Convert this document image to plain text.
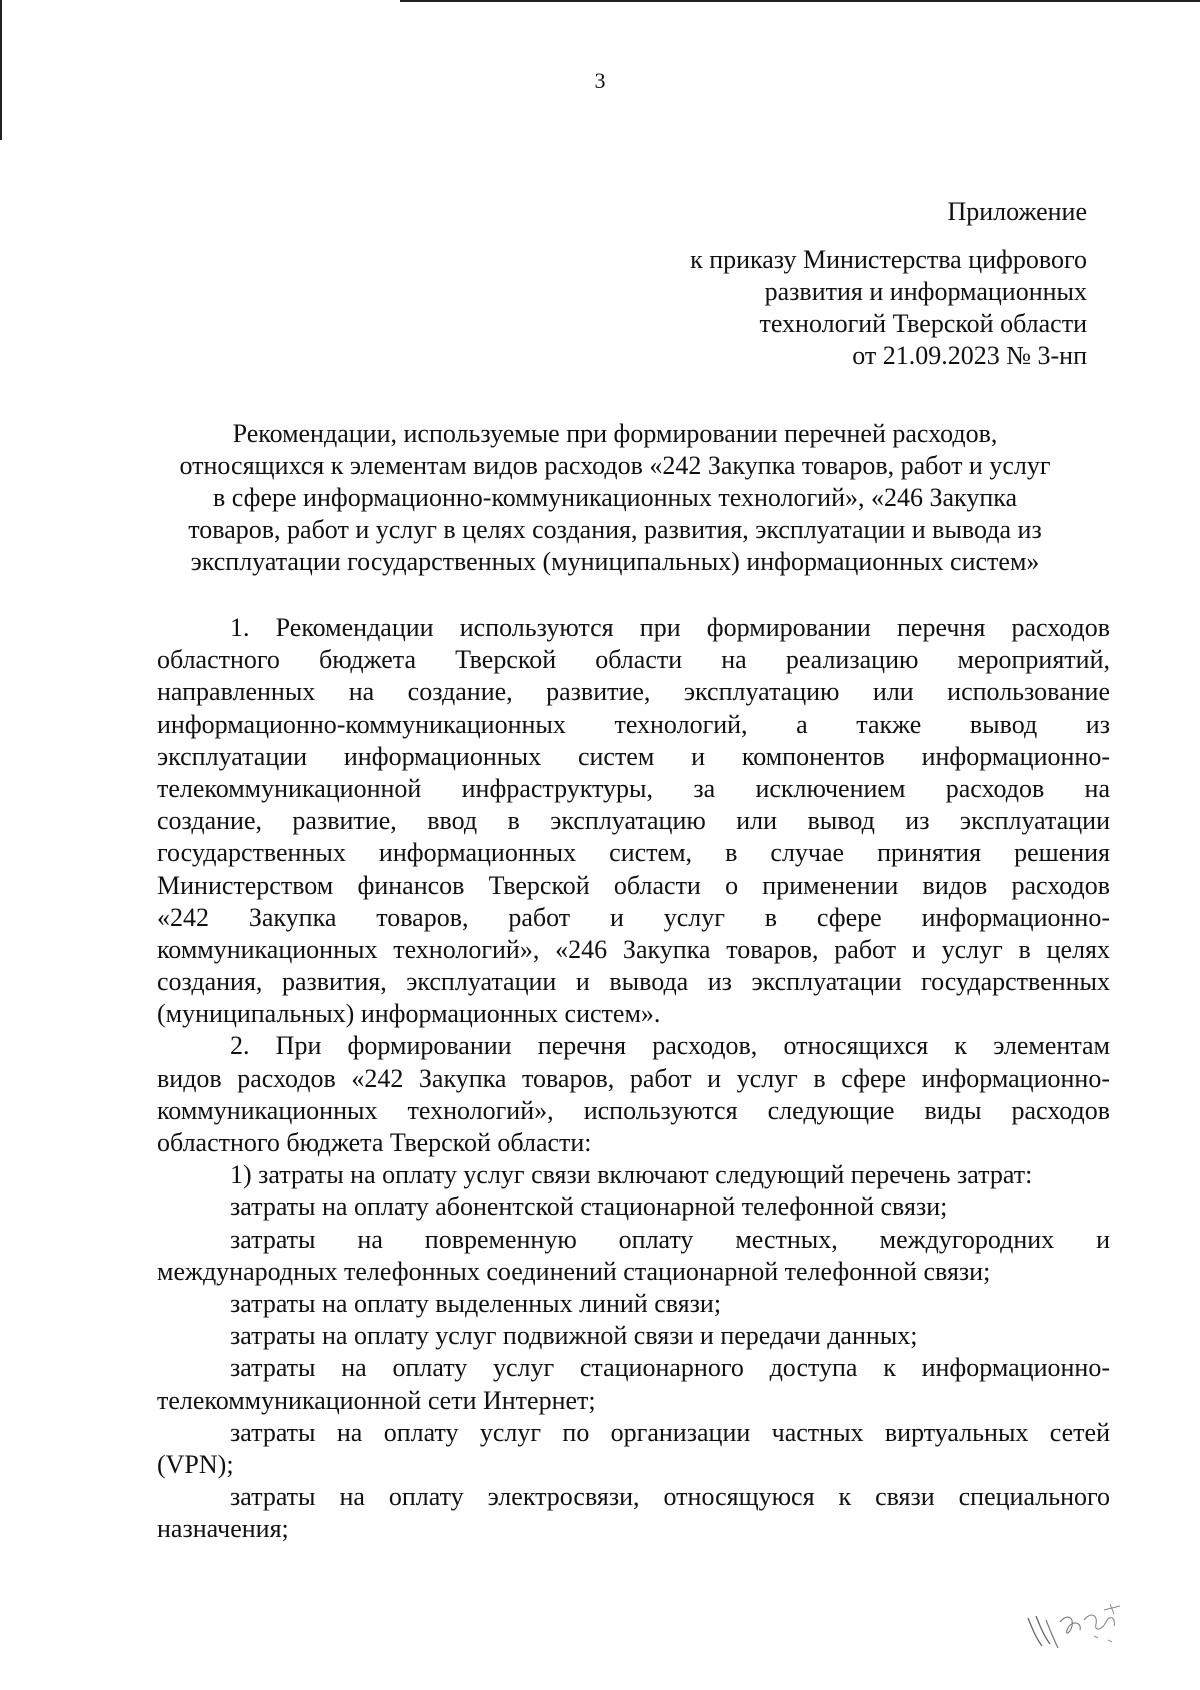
3
Приложение
к приказу Министерства цифрового
развития и информационных
технологий Тверской области
от 21.09.2023 № 3-нп
Рекомендации, используемые при формировании перечней расходов,
относящихся к элементам видов расходов «242 Закупка товаров, работ и услуг
в сфере информационно-коммуникационных технологий», «246 Закупка
товаров, работ и услуг в целях создания, развития, эксплуатации и вывода из
эксплуатации государственных (муниципальных) информационных систем»
1. Рекомендации используются при формировании перечня расходов
областного бюджета Тверской области на реализацию мероприятий,
направленных на создание, развитие, эксплуатацию или использование
информационно-коммуникационных технологий, а также вывод из
эксплуатации информационных систем и компонентов информационно-
телекоммуникационной инфраструктуры, за исключением расходов на
создание, развитие, ввод в эксплуатацию или вывод из эксплуатации
государственных информационных систем, в случае принятия решения
Министерством финансов Тверской области о применении видов расходов
«242 Закупка товаров, работ и услуг в сфере информационно-
коммуникационных технологий», «246 Закупка товаров, работ и услуг в целях
создания, развития, эксплуатации и вывода из эксплуатации государственных
(муниципальных) информационных систем».
2. При формировании перечня расходов, относящихся к элементам
видов расходов «242 Закупка товаров, работ и услуг в сфере информационно-
коммуникационных технологий», используются следующие виды расходов
областного бюджета Тверской области:
1) затраты на оплату услуг связи включают следующий перечень затрат:
затраты на оплату абонентской стационарной телефонной связи;
затраты на повременную оплату местных, междугородних и
международных телефонных соединений стационарной телефонной связи;
затраты на оплату выделенных линий связи;
затраты на оплату услуг подвижной связи и передачи данных;
затраты на оплату услуг стационарного доступа к информационно-
телекоммуникационной сети Интернет;
затраты на оплату услуг по организации частных виртуальных сетей
(VPN);
затраты на оплату электросвязи, относящуюся к связи специального
назначения;
